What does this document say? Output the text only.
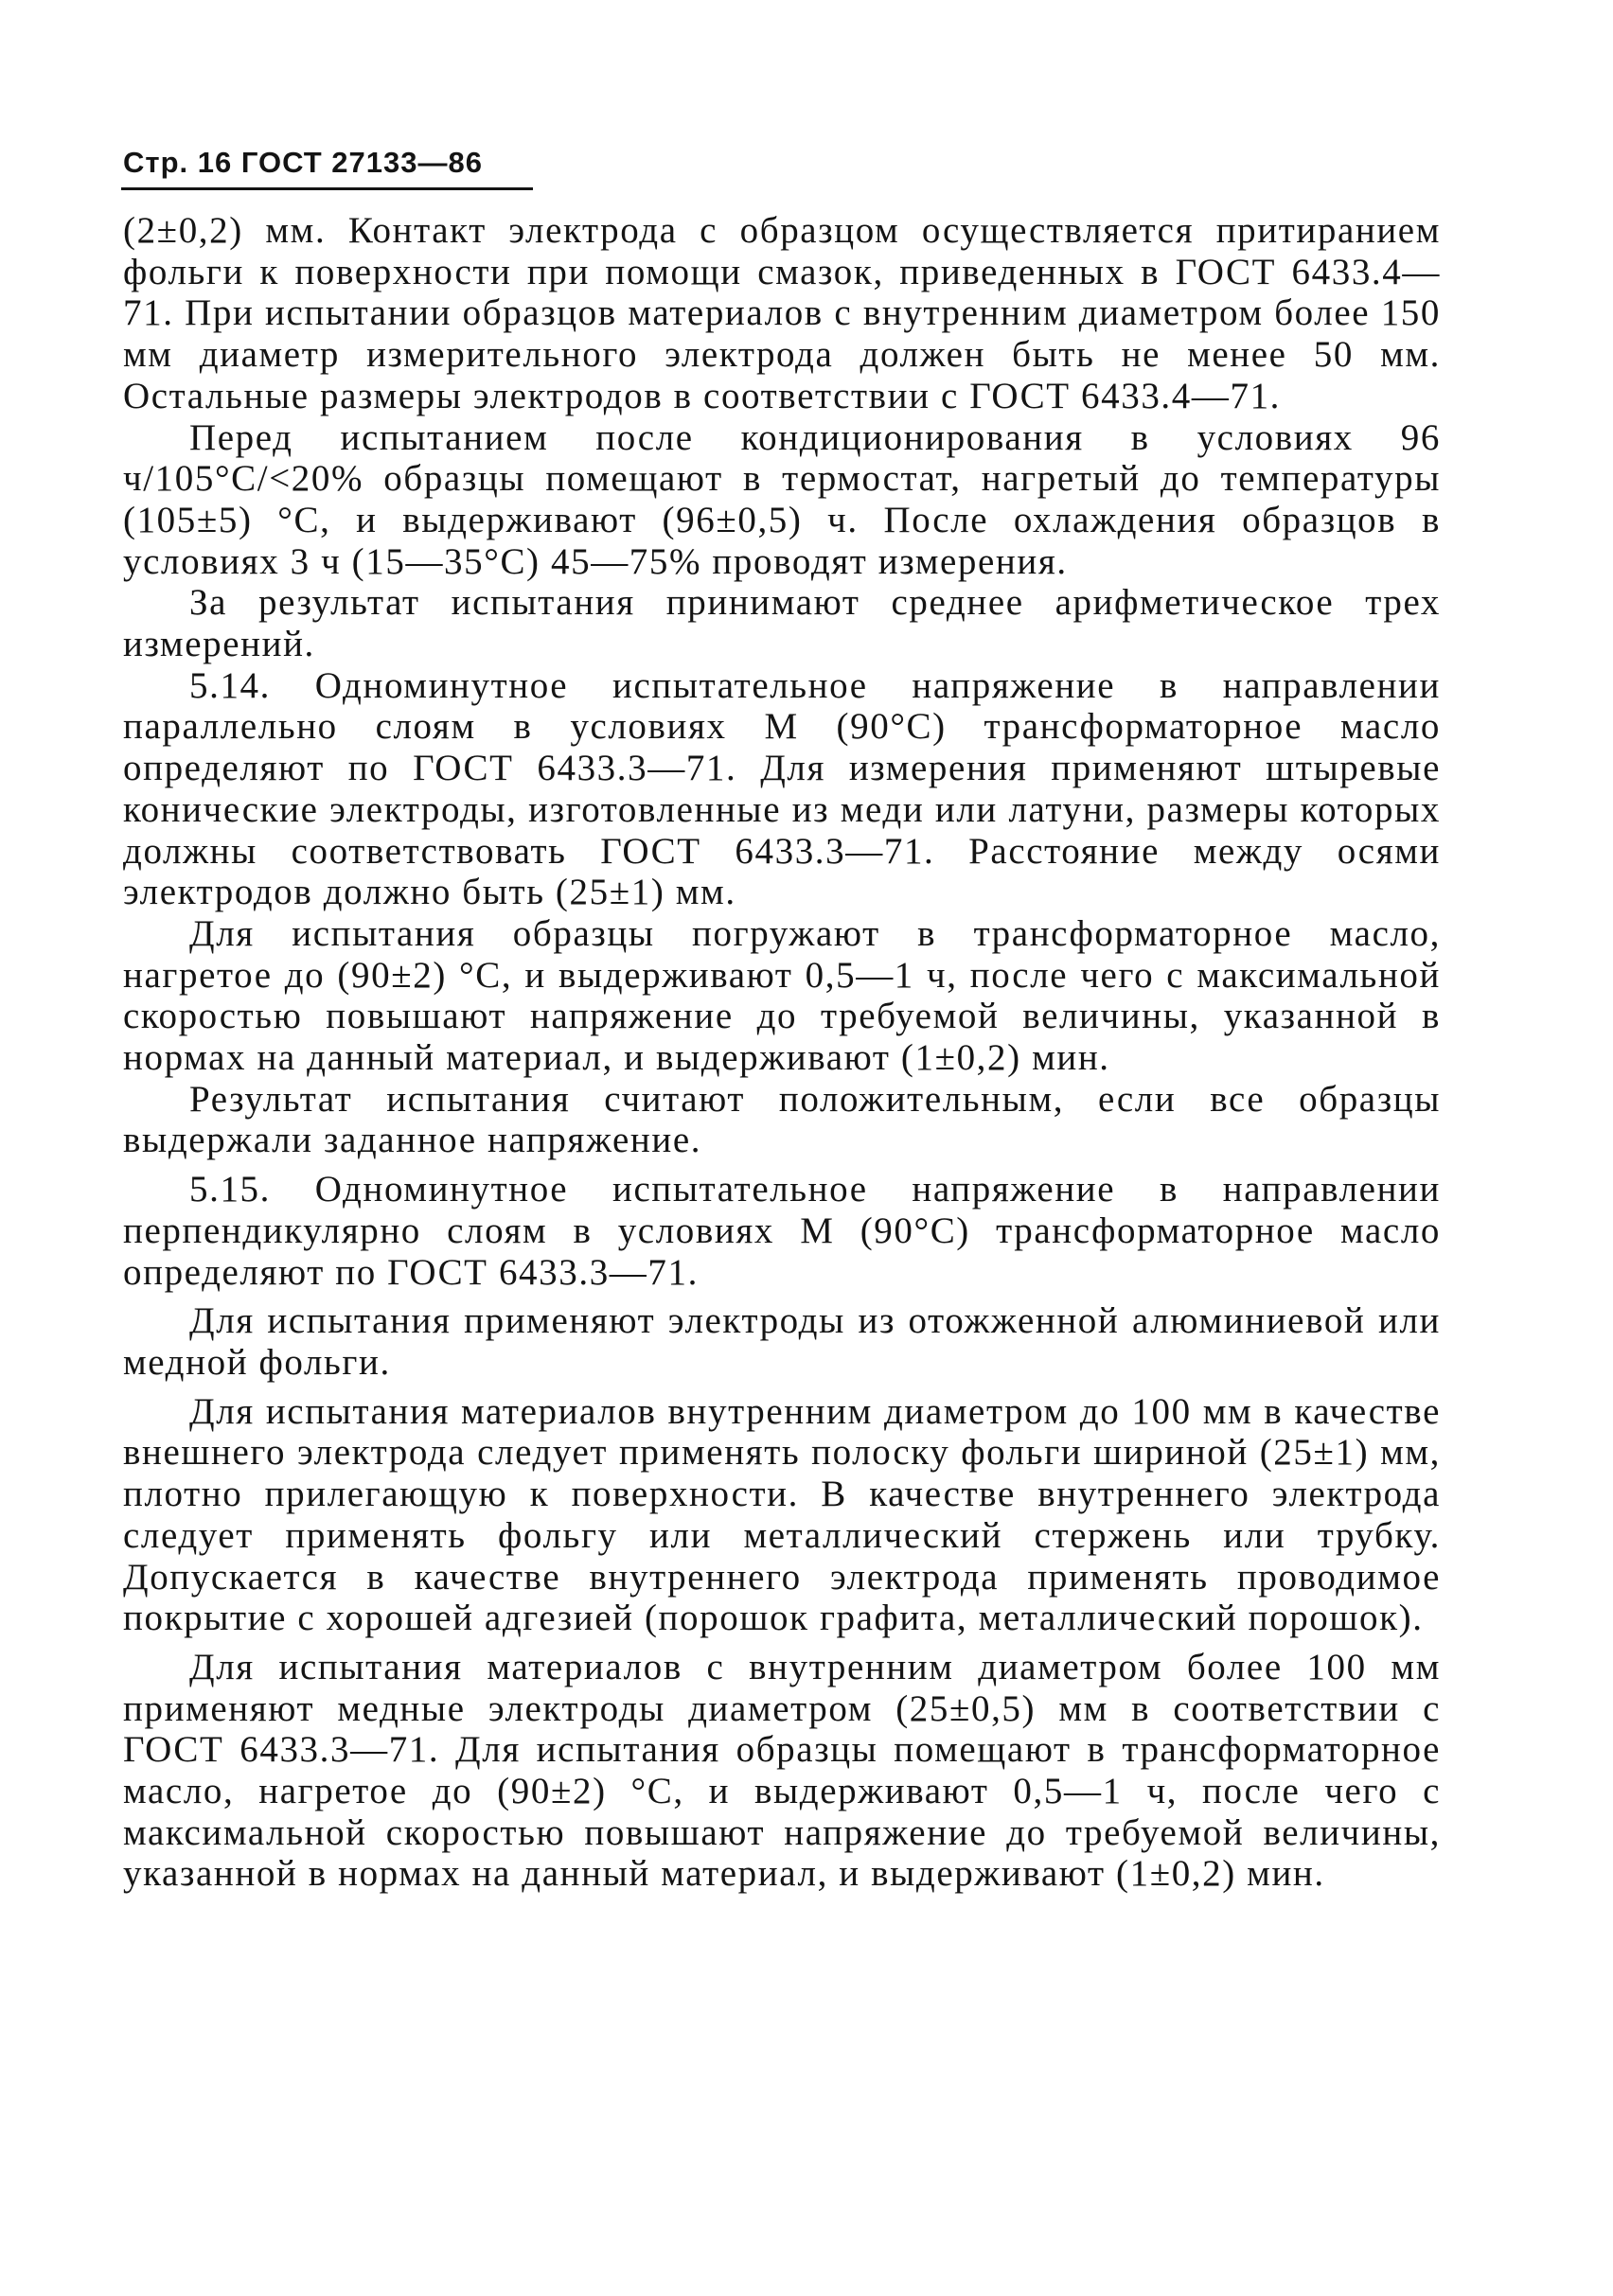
Стр. 16 ГОСТ 27133—86

(2±0,2) мм. Контакт электрода с образцом осуществляется притиранием фольги к поверхности при помощи смазок, приведенных в ГОСТ 6433.4—71. При испытании образцов материалов с внутренним диаметром более 150 мм диаметр измерительного электрода должен быть не менее 50 мм. Остальные размеры электродов в соответствии с ГОСТ 6433.4—71.

Перед испытанием после кондиционирования в условиях 96 ч/105°С/<20% образцы помещают в термостат, нагретый до температуры (105±5) °С, и выдерживают (96±0,5) ч. После охлаждения образцов в условиях 3 ч (15—35°С) 45—75% проводят измерения.

За результат испытания принимают среднее арифметическое трех измерений.

5.14. Одноминутное испытательное напряжение в направлении параллельно слоям в условиях М (90°С) трансформаторное масло определяют по ГОСТ 6433.3—71. Для измерения применяют штыревые конические электроды, изготовленные из меди или латуни, размеры которых должны соответствовать ГОСТ 6433.3—71. Расстояние между осями электродов должно быть (25±1) мм.

Для испытания образцы погружают в трансформаторное масло, нагретое до (90±2) °С, и выдерживают 0,5—1 ч, после чего с максимальной скоростью повышают напряжение до требуемой величины, указанной в нормах на данный материал, и выдерживают (1±0,2) мин.

Результат испытания считают положительным, если все образцы выдержали заданное напряжение.

5.15. Одноминутное испытательное напряжение в направлении перпендикулярно слоям в условиях М (90°С) трансформаторное масло определяют по ГОСТ 6433.3—71.

Для испытания применяют электроды из отожженной алюминиевой или медной фольги.

Для испытания материалов внутренним диаметром до 100 мм в качестве внешнего электрода следует применять полоску фольги шириной (25±1) мм, плотно прилегающую к поверхности. В качестве внутреннего электрода следует применять фольгу или металлический стержень или трубку. Допускается в качестве внутреннего электрода применять проводимое покрытие с хорошей адгезией (порошок графита, металлический порошок).

Для испытания материалов с внутренним диаметром более 100 мм применяют медные электроды диаметром (25±0,5) мм в соответствии с ГОСТ 6433.3—71. Для испытания образцы помещают в трансформаторное масло, нагретое до (90±2) °С, и выдерживают 0,5—1 ч, после чего с максимальной скоростью повышают напряжение до требуемой величины, указанной в нормах на данный материал, и выдерживают (1±0,2) мин.
